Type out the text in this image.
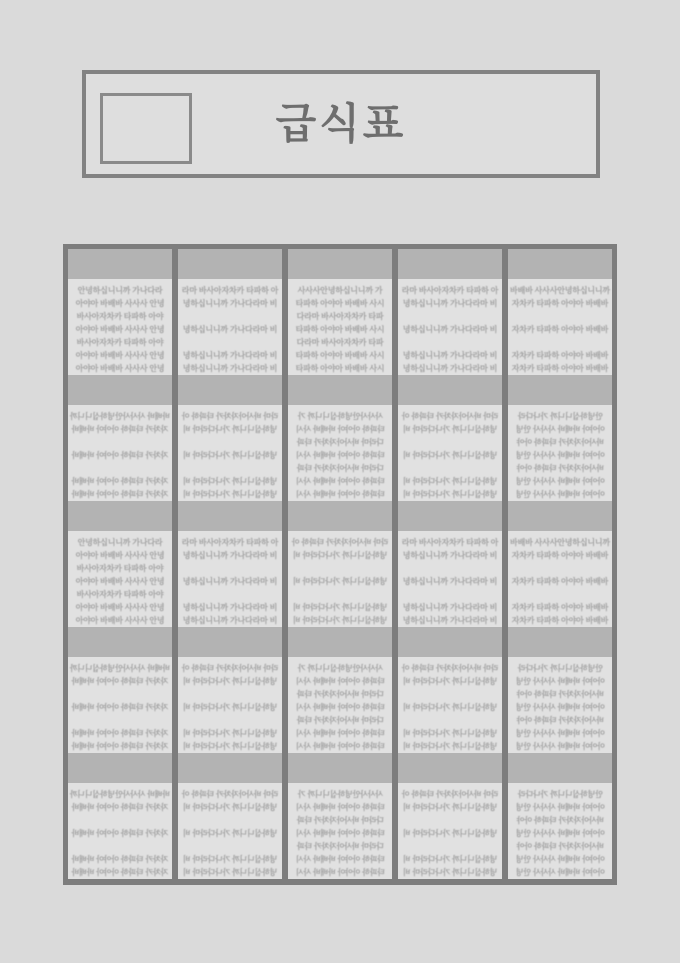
급식표
안녕하십니니까 가나다라
아야아 바배바 사사사 안녕
바사아자차카 타파하 아야
아야아 바배바 사사사 안녕
바사아자차카 타파하 아야
아야아 바배바 사사사 안녕
아야아 바배바 사사사 안녕
라마 바사아자차카 타파하 아
녕하십니니까 가나다라마 비

녕하십니니까 가나다라마 비

녕하십니니까 가나다라마 비
녕하십니니까 가나다라마 비
사사사안녕하십니니까 가
타파하 아야아 바배바 사시
다라마 바사아자차카 타파
타파하 아야아 바배바 사시
다라마 바사아자차카 타파
타파하 아야아 바배바 사시
타파하 아야아 바배바 사시
라마 바사아자차카 타파하 아
녕하십니니까 가나다라마 비

녕하십니니까 가나다라마 비

녕하십니니까 가나다라마 비
녕하십니니까 가나다라마 비
바배바 사사사안녕하십니니까
자차카 타파하 아야아 바배바

자차카 타파하 아야아 바배바

자차카 타파하 아야아 바배바
자차카 타파하 아야아 바배바
바배바 사사사안녕하십니니까
자차카 타파하 아야아 바배바

자차카 타파하 아야아 바배바

자차카 타파하 아야아 바배바
자차카 타파하 아야아 바배바
라마 바사아자차카 타파하 아
녕하십니니까 가나다라마 비

녕하십니니까 가나다라마 비

녕하십니니까 가나다라마 비
녕하십니니까 가나다라마 비
사사사안녕하십니니까 가
타파하 아야아 바배바 사시
다라마 바사아자차카 타파
타파하 아야아 바배바 사시
다라마 바사아자차카 타파
타파하 아야아 바배바 사시
타파하 아야아 바배바 사시
라마 바사아자차카 타파하 아
녕하십니니까 가나다라마 비

녕하십니니까 가나다라마 비

녕하십니니까 가나다라마 비
녕하십니니까 가나다라마 비
안녕하십니니까 가나다라
아야아 바배바 사사사 안녕
바사아자차카 타파하 아야
아야아 바배바 사사사 안녕
바사아자차카 타파하 아야
아야아 바배바 사사사 안녕
아야아 바배바 사사사 안녕
안녕하십니니까 가나다라
아야아 바배바 사사사 안녕
바사아자차카 타파하 아야
아야아 바배바 사사사 안녕
바사아자차카 타파하 아야
아야아 바배바 사사사 안녕
아야아 바배바 사사사 안녕
라마 바사아자차카 타파하 아
녕하십니니까 가나다라마 비

녕하십니니까 가나다라마 비

녕하십니니까 가나다라마 비
녕하십니니까 가나다라마 비
라마 바사아자차카 타파하 아
녕하십니니까 가나다라마 비

녕하십니니까 가나다라마 비

녕하십니니까 가나다라마 비
녕하십니니까 가나다라마 비
라마 바사아자차카 타파하 아
녕하십니니까 가나다라마 비

녕하십니니까 가나다라마 비

녕하십니니까 가나다라마 비
녕하십니니까 가나다라마 비
바배바 사사사안녕하십니니까
자차카 타파하 아야아 바배바

자차카 타파하 아야아 바배바

자차카 타파하 아야아 바배바
자차카 타파하 아야아 바배바
바배바 사사사안녕하십니니까
자차카 타파하 아야아 바배바

자차카 타파하 아야아 바배바

자차카 타파하 아야아 바배바
자차카 타파하 아야아 바배바
라마 바사아자차카 타파하 아
녕하십니니까 가나다라마 비

녕하십니니까 가나다라마 비

녕하십니니까 가나다라마 비
녕하십니니까 가나다라마 비
사사사안녕하십니니까 가
타파하 아야아 바배바 사시
다라마 바사아자차카 타파
타파하 아야아 바배바 사시
다라마 바사아자차카 타파
타파하 아야아 바배바 사시
타파하 아야아 바배바 사시
라마 바사아자차카 타파하 아
녕하십니니까 가나다라마 비

녕하십니니까 가나다라마 비

녕하십니니까 가나다라마 비
녕하십니니까 가나다라마 비
안녕하십니니까 가나다라
아야아 바배바 사사사 안녕
바사아자차카 타파하 아야
아야아 바배바 사사사 안녕
바사아자차카 타파하 아야
아야아 바배바 사사사 안녕
아야아 바배바 사사사 안녕
바배바 사사사안녕하십니니까
자차카 타파하 아야아 바배바

자차카 타파하 아야아 바배바

자차카 타파하 아야아 바배바
자차카 타파하 아야아 바배바
라마 바사아자차카 타파하 아
녕하십니니까 가나다라마 비

녕하십니니까 가나다라마 비

녕하십니니까 가나다라마 비
녕하십니니까 가나다라마 비
사사사안녕하십니니까 가
타파하 아야아 바배바 사시
다라마 바사아자차카 타파
타파하 아야아 바배바 사시
다라마 바사아자차카 타파
타파하 아야아 바배바 사시
타파하 아야아 바배바 사시
라마 바사아자차카 타파하 아
녕하십니니까 가나다라마 비

녕하십니니까 가나다라마 비

녕하십니니까 가나다라마 비
녕하십니니까 가나다라마 비
안녕하십니니까 가나다라
아야아 바배바 사사사 안녕
바사아자차카 타파하 아야
아야아 바배바 사사사 안녕
바사아자차카 타파하 아야
아야아 바배바 사사사 안녕
아야아 바배바 사사사 안녕
